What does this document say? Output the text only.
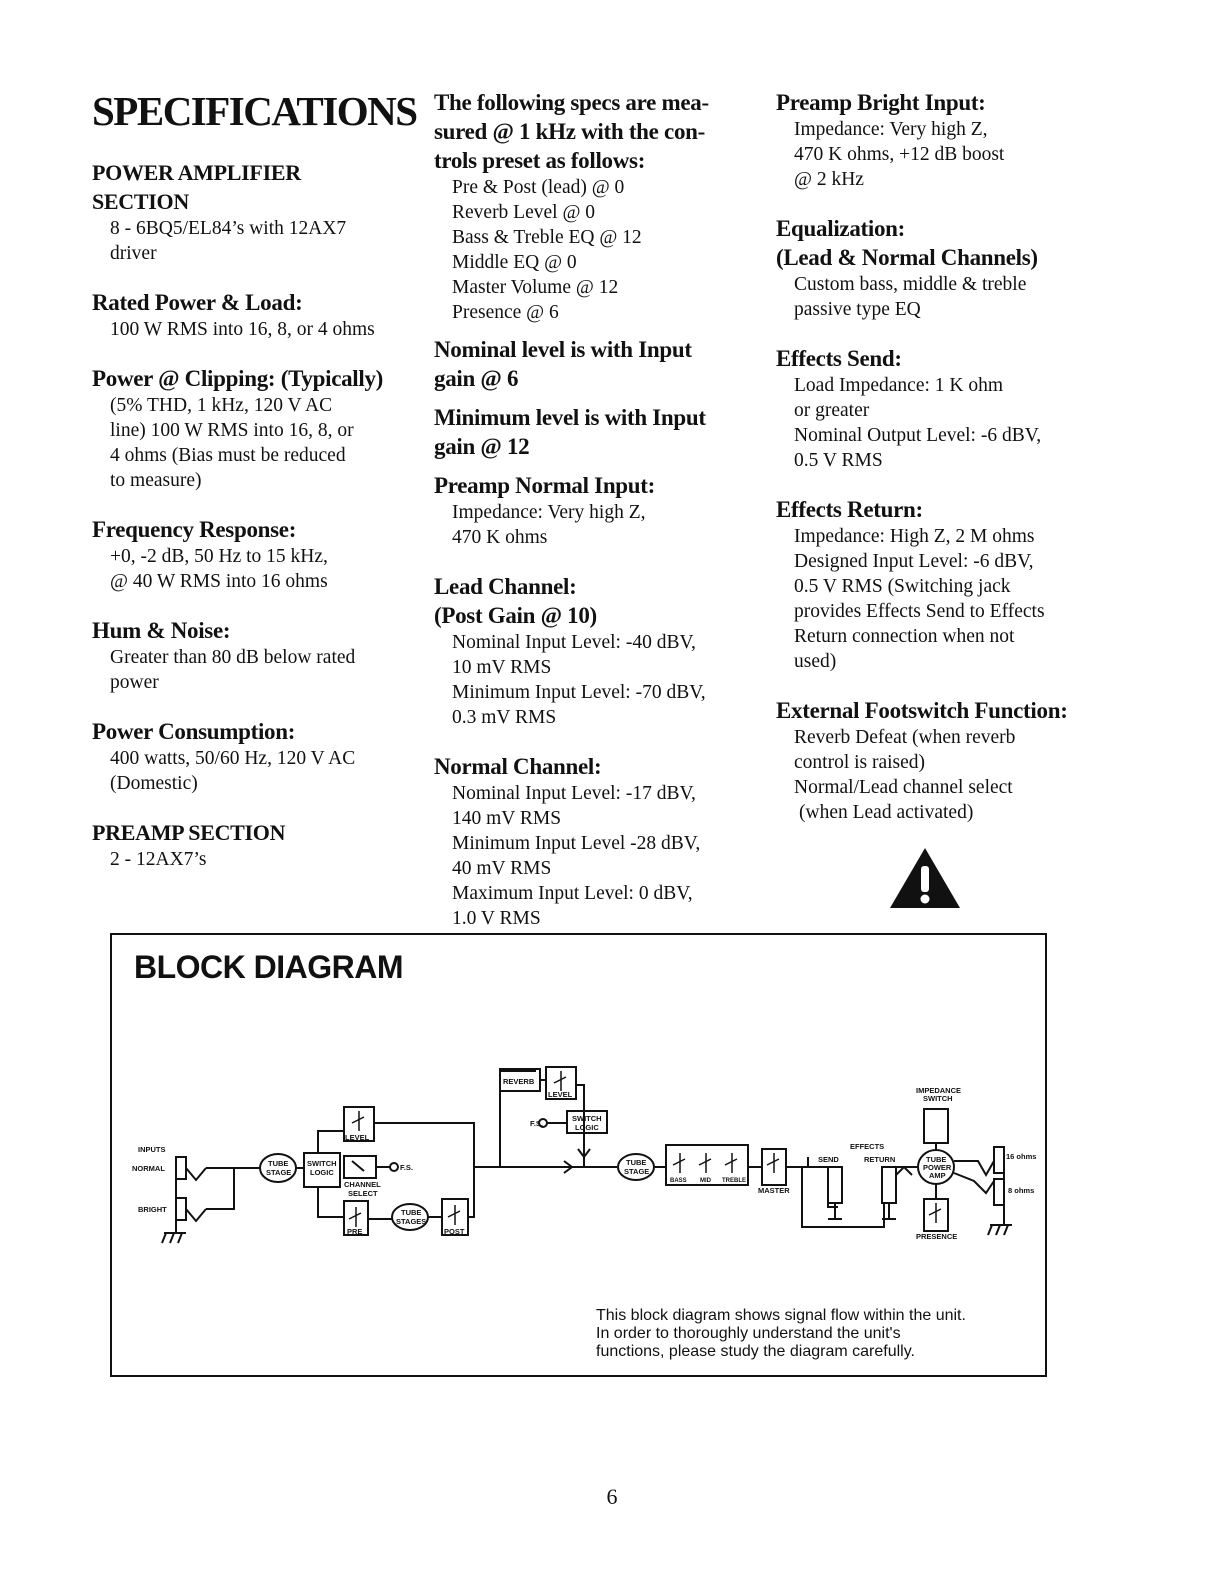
SPECIFICATIONS
POWER AMPLIFIER
SECTION
8 - 6BQ5/EL84’s with 12AX7
driver
Rated Power & Load:
100 W RMS into 16, 8, or 4 ohms
Power @ Clipping: (Typically)
(5% THD, 1 kHz, 120 V AC
line) 100 W RMS into 16, 8, or
4 ohms (Bias must be reduced
to measure)
Frequency Response:
+0, -2 dB, 50 Hz to 15 kHz,
@ 40 W RMS into 16 ohms
Hum & Noise:
Greater than 80 dB below rated
power
Power Consumption:
400 watts, 50/60 Hz, 120 V AC
(Domestic)
PREAMP SECTION
2 - 12AX7’s
The following specs are mea-
sured @ 1 kHz with the con-
trols preset as follows:
Pre & Post (lead) @ 0
Reverb Level @ 0
Bass & Treble EQ @ 12
Middle EQ @ 0
Master Volume @ 12
Presence @ 6
Nominal level is with Input
gain @ 6
Minimum level is with Input
gain @ 12
Preamp Normal Input:
Impedance: Very high Z,
470 K ohms
Lead Channel:
(Post Gain @ 10)
Nominal Input Level: -40 dBV,
10 mV RMS
Minimum Input Level: -70 dBV,
0.3 mV RMS
Normal Channel:
Nominal Input Level: -17 dBV,
140 mV RMS
Minimum Input Level -28 dBV,
40 mV RMS
Maximum Input Level: 0 dBV,
1.0 V RMS
Preamp Bright Input:
Impedance: Very high Z,
470 K ohms, +12 dB boost
@ 2 kHz
Equalization:
(Lead & Normal Channels)
Custom bass, middle & treble
passive type EQ
Effects Send:
Load Impedance: 1 K ohm
or greater
Nominal Output Level: -6 dBV,
0.5 V RMS
Effects Return:
Impedance: High Z, 2 M ohms
Designed Input Level: -6 dBV,
0.5 V RMS (Switching jack
provides Effects Send to Effects
Return connection when not
used)
External Footswitch Function:
Reverb Defeat (when reverb
control is raised)
Normal/Lead channel select
(when Lead activated)
BLOCK DIAGRAM
INPUTS
NORMAL
BRIGHT
TUBE
STAGE
SWITCH
LOGIC
CHANNEL
SELECT
F.S.
LEVEL
PRE
TUBE
STAGES
POST
REVERB
LEVEL
F.S.
SWITCH
LOGIC
TUBE
STAGE
BASS MID TREBLE
MASTER
EFFECTS
SEND	RETURN	TUBE
POWER
AMP
IMPEDANCE
SWITCH
PRESENCE
16 ohms
8 ohms
This block diagram shows signal flow within the unit.
In order to thoroughly understand the unit's
functions, please study the diagram carefully.
6
